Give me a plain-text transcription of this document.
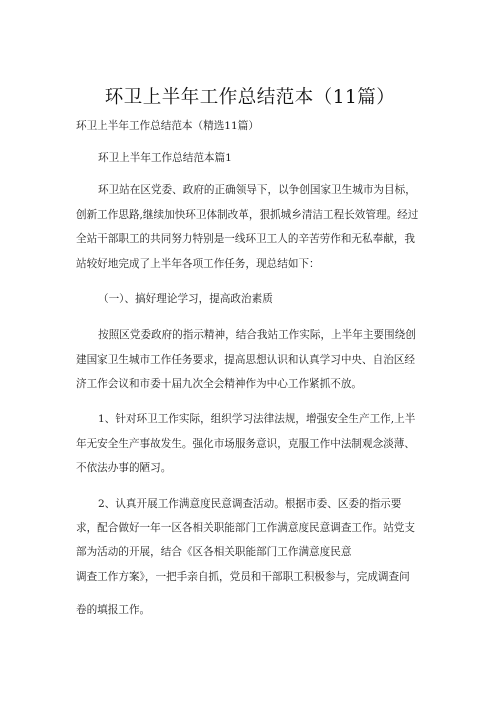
环卫上半年工作总结范本（11篇）
环卫上半年工作总结范本（精选11篇）
环卫上半年工作总结范本篇1
环卫站在区党委、政府的正确领导下，以争创国家卫生城市为目标，
创新工作思路,继续加快环卫体制改革，狠抓城乡清洁工程长效管理。经过
全站干部职工的共同努力特别是一线环卫工人的辛苦劳作和无私奉献，我
站较好地完成了上半年各项工作任务，现总结如下：
（一）、搞好理论学习，提高政治素质
按照区党委政府的指示精神，结合我站工作实际，上半年主要围绕创
建国家卫生城市工作任务要求，提高思想认识和认真学习中央、自治区经
济工作会议和市委十届九次全会精神作为中心工作紧抓不放。
1、针对环卫工作实际，组织学习法律法规，增强安全生产工作,上半
年无安全生产事故发生。强化市场服务意识，克服工作中法制观念淡薄、
不依法办事的陋习。
2、认真开展工作满意度民意调查活动。根据市委、区委的指示要
求，配合做好一年一区各相关职能部门工作满意度民意调查工作。站党支
部为活动的开展，结合《区各相关职能部门工作满意度民意
调查工作方案》，一把手亲自抓，党员和干部职工积极参与，完成调查问
卷的填报工作。
